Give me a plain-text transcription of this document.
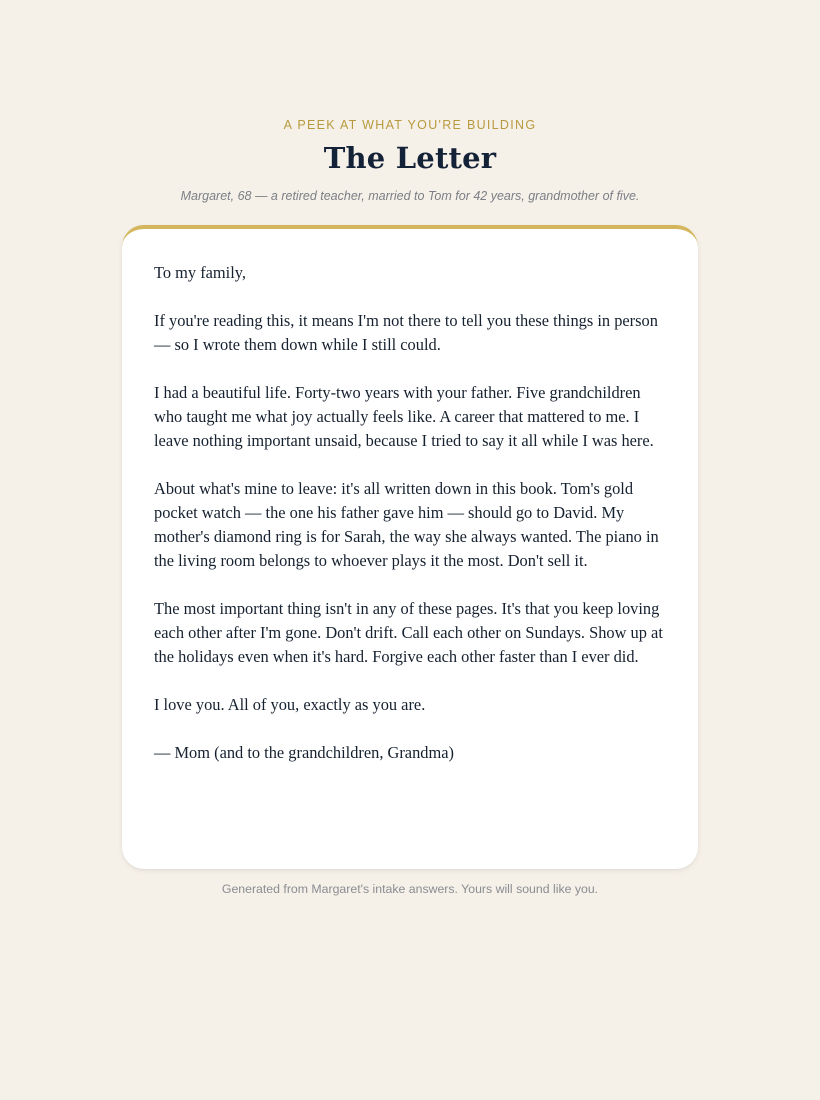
A PEEK AT WHAT YOU'RE BUILDING
The Letter
Margaret, 68 — a retired teacher, married to Tom for 42 years, grandmother of five.

To my family,

If you're reading this, it means I'm not there to tell you these things in person — so I wrote them down while I still could.

I had a beautiful life. Forty-two years with your father. Five grandchildren who taught me what joy actually feels like. A career that mattered to me. I leave nothing important unsaid, because I tried to say it all while I was here.

About what's mine to leave: it's all written down in this book. Tom's gold pocket watch — the one his father gave him — should go to David. My mother's diamond ring is for Sarah, the way she always wanted. The piano in the living room belongs to whoever plays it the most. Don't sell it.

The most important thing isn't in any of these pages. It's that you keep loving each other after I'm gone. Don't drift. Call each other on Sundays. Show up at the holidays even when it's hard. Forgive each other faster than I ever did.

I love you. All of you, exactly as you are.

— Mom (and to the grandchildren, Grandma)

Generated from Margaret's intake answers. Yours will sound like you.
